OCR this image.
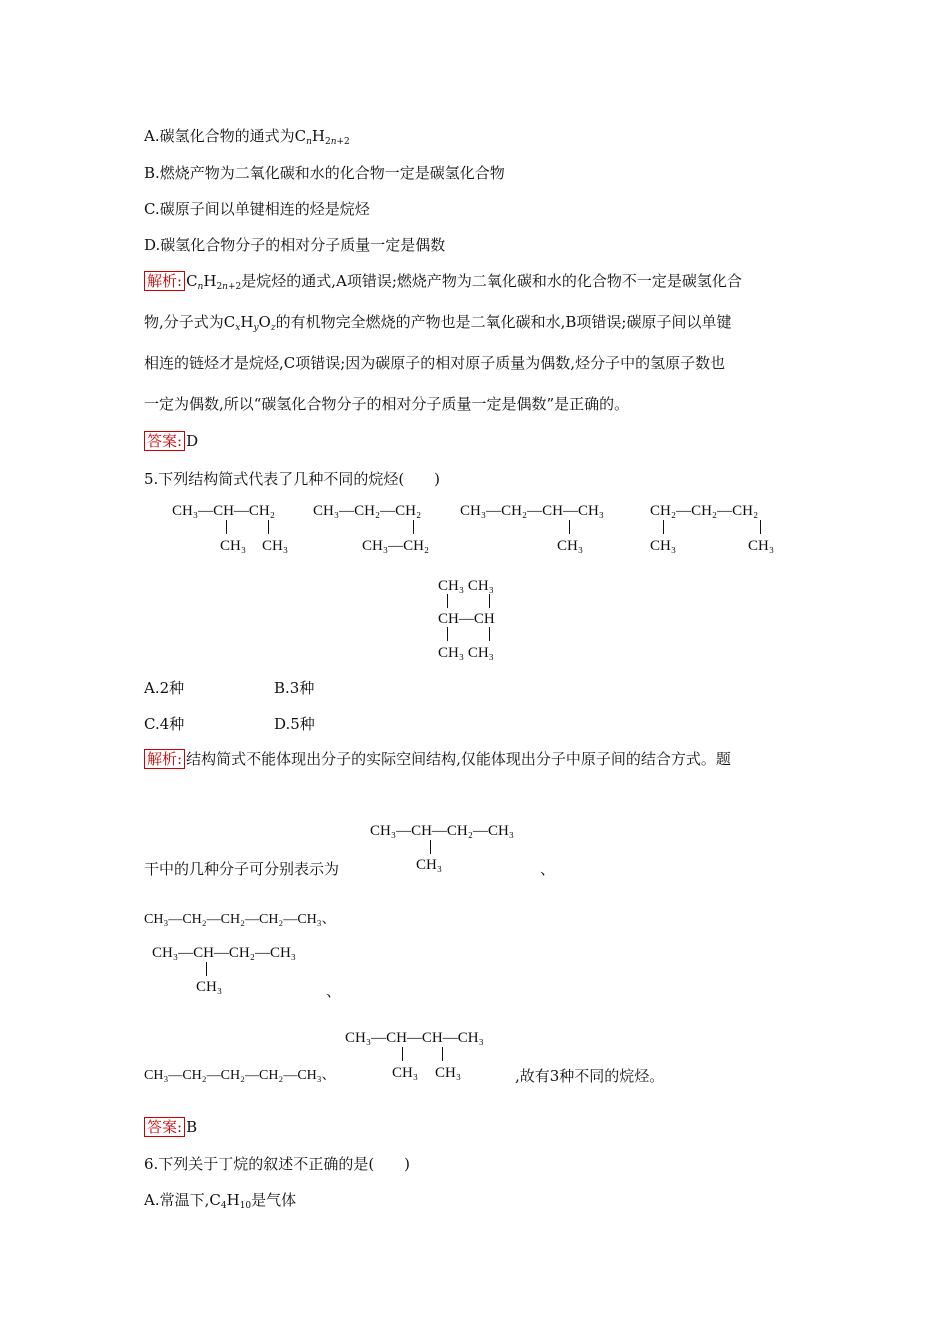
A.碳氢化合物的通式为$C_nH_{2n+2}$
B.燃烧产物为二氧化碳和水的化合物一定是碳氢化合物
C.碳原子间以单键相连的烃是烷烃
D.碳氢化合物分子的相对分子质量一定是偶数
解析: $C_nH_{2n+2}$是烷烃的通式,A项错误;燃烧产物为二氧化碳和水的化合物不一定是碳氢化合
物,分子式为$C_xH_yO_z$的有机物完全燃烧的产物也是二氧化碳和水,B项错误;碳原子间以单键
相连的链烃才是烷烃,C项错误;因为碳原子的相对原子质量为偶数,烃分子中的氢原子数也
一定为偶数,所以“碳氢化合物分子的相对分子质量一定是偶数”是正确的。
答案: D
5.下列结构简式代表了几种不同的烷烃(　　)
CH₃—CH—CH₂
CH₃ CH₃
CH₃—CH₂—CH₂
CH₃—CH₂
CH₃—CH₂—CH—CH₃
CH₃
CH₂—CH₂—CH₂
CH₃	CH₃
CH₃ CH₃
CH—CH
CH₃ CH₃
A.2种	B.3种
C.4种	D.5种
解析: 结构简式不能体现出分子的实际空间结构,仅能体现出分子中原子间的结合方式。题
CH₃—CH—CH₂—CH₃
CH₃
干中的几种分子可分别表示为	、
CH₃—CH₂—CH₂—CH₂—CH₃、
CH₃—CH—CH₂—CH₃
CH₃	、
CH₃—CH—CH—CH₃
CH₃ CH₃
CH₃—CH₂—CH₂—CH₂—CH₃、	,故有3种不同的烷烃。
答案: B
6.下列关于丁烷的叙述不正确的是(　　)
A.常温下$,C_4H_{10}$是气体
